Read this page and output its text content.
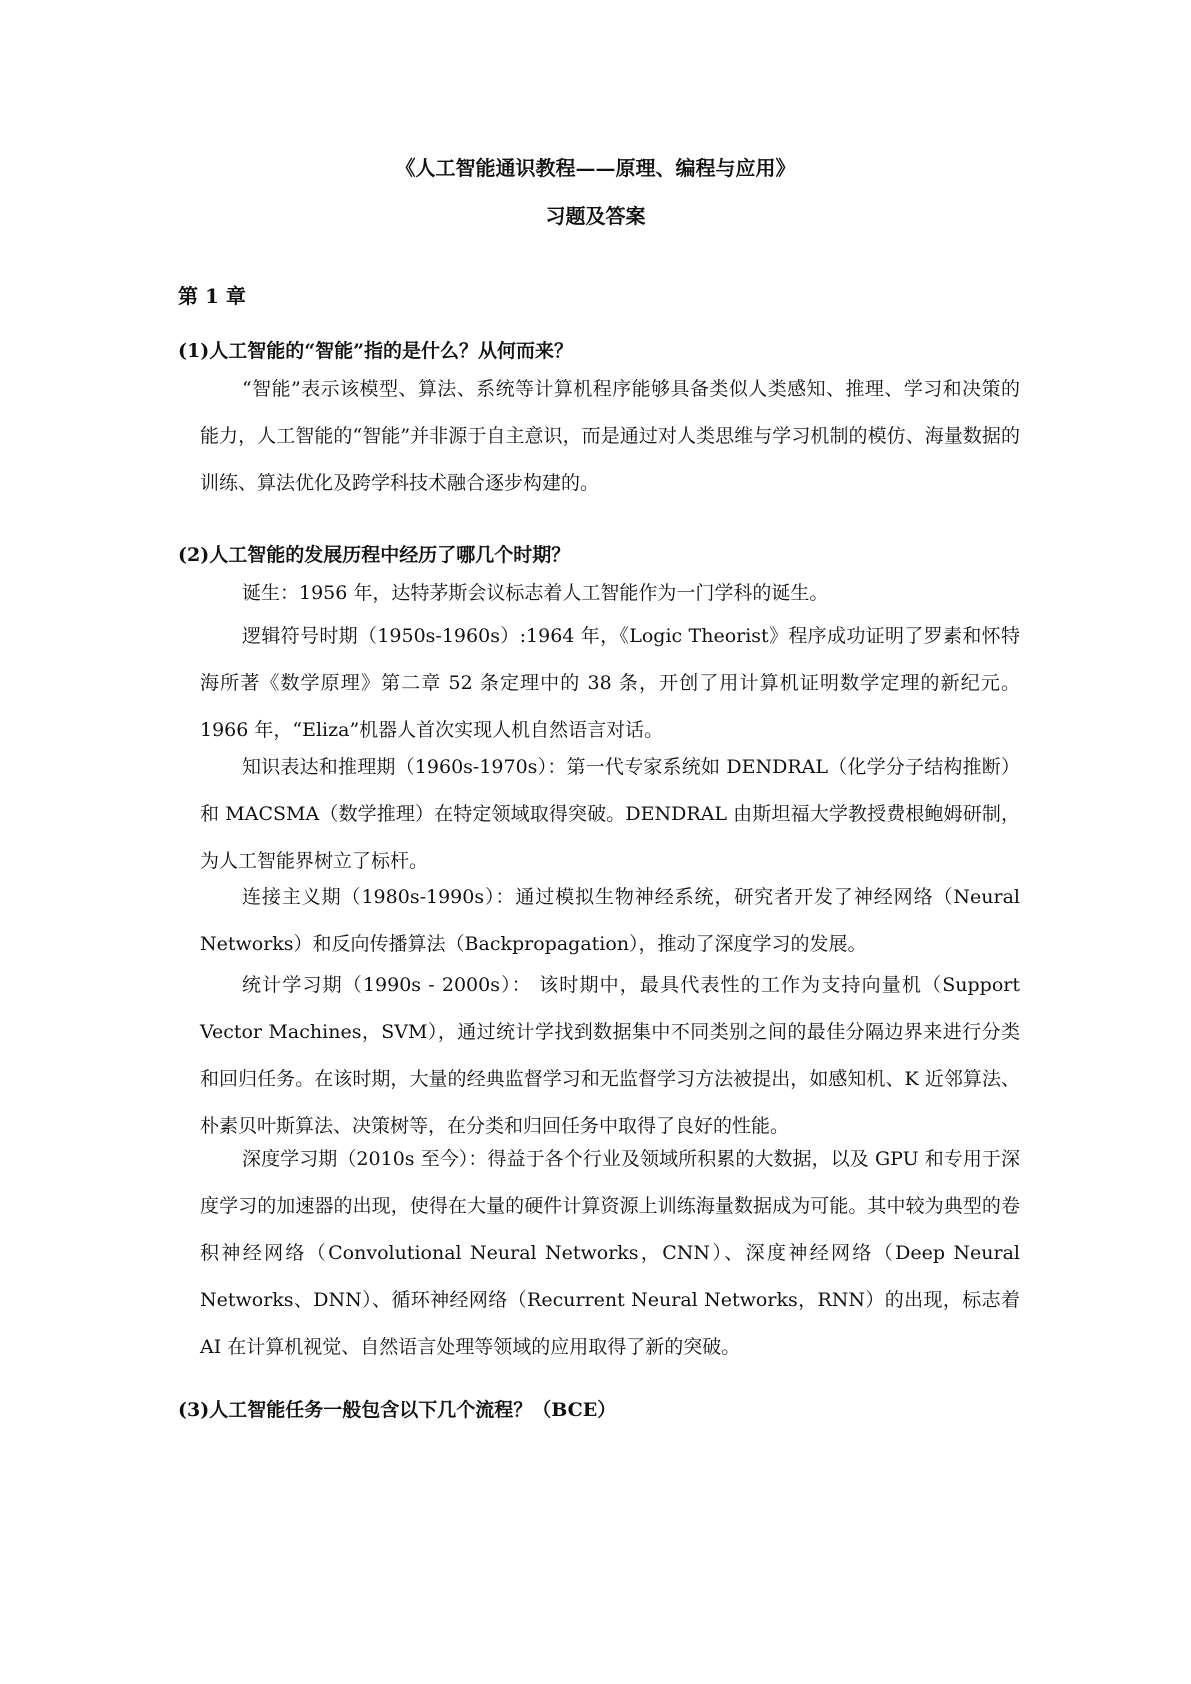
《人工智能通识教程——原理、编程与应用》
习题及答案
第 1 章

(1)人工智能的“智能”指的是什么？从何而来？

“智能”表示该模型、算法、系统等计算机程序能够具备类似人类感知、推理、学习和决策的能力，人工智能的“智能”并非源于自主意识，而是通过对人类思维与学习机制的模仿、海量数据的训练、算法优化及跨学科技术融合逐步构建的。

(2)人工智能的发展历程中经历了哪几个时期？

诞生：1956 年，达特茅斯会议标志着人工智能作为一门学科的诞生。

逻辑符号时期（1950s-1960s）:1964 年，《Logic Theorist》程序成功证明了罗素和怀特海所著《数学原理》第二章 52 条定理中的 38 条，开创了用计算机证明数学定理的新纪元。1966 年，“Eliza”机器人首次实现人机自然语言对话。

知识表达和推理期（1960s-1970s）：第一代专家系统如 DENDRAL（化学分子结构推断）和 MACSMA（数学推理）在特定领域取得突破。DENDRAL 由斯坦福大学教授费根鲍姆研制，为人工智能界树立了标杆。

连接主义期（1980s-1990s）：通过模拟生物神经系统，研究者开发了神经网络（Neural Networks）和反向传播算法（Backpropagation），推动了深度学习的发展。

统计学习期（1990s - 2000s）： 该时期中，最具代表性的工作为支持向量机（Support Vector Machines，SVM），通过统计学找到数据集中不同类别之间的最佳分隔边界来进行分类和回归任务。在该时期，大量的经典监督学习和无监督学习方法被提出，如感知机、K 近邻算法、朴素贝叶斯算法、决策树等，在分类和归回任务中取得了良好的性能。

深度学习期（2010s 至今）：得益于各个行业及领域所积累的大数据，以及 GPU 和专用于深度学习的加速器的出现，使得在大量的硬件计算资源上训练海量数据成为可能。其中较为典型的卷积神经网络（Convolutional Neural Networks，CNN）、深度神经网络（Deep Neural Networks、DNN）、循环神经网络（Recurrent Neural Networks，RNN）的出现，标志着 AI 在计算机视觉、自然语言处理等领域的应用取得了新的突破。

(3)人工智能任务一般包含以下几个流程？（BCE）
